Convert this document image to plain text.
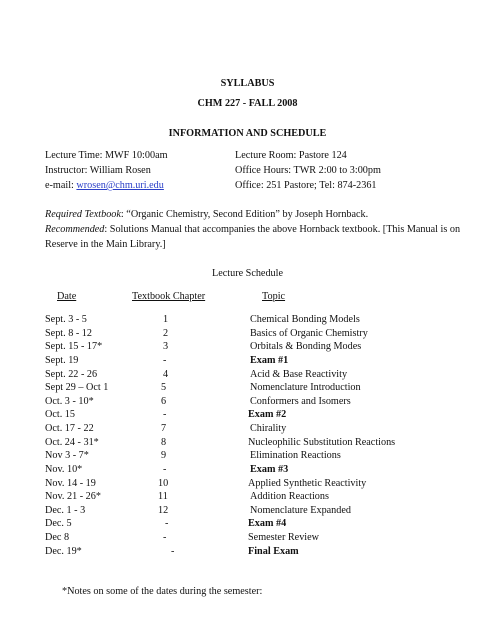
SYLLABUS
CHM 227 - FALL 2008
INFORMATION AND SCHEDULE
Lecture Time: MWF 10:00am	Lecture Room: Pastore 124
Instructor: William Rosen	Office Hours: TWR 2:00 to 3:00pm
e-mail: wrosen@chm.uri.edu	Office: 251 Pastore; Tel: 874-2361
Required Textbook: “Organic Chemistry, Second Edition” by Joseph Hornback.
Recommended: Solutions Manual that accompanies the above Hornback textbook. [This Manual is on
Reserve in the Main Library.]
Lecture Schedule
Date	Textbook Chapter	Topic
Sept. 3 - 5	1	Chemical Bonding Models
Sept. 8 - 12	2	Basics of Organic Chemistry
Sept. 15 - 17*	3	Orbitals & Bonding Modes
Sept. 19	-	Exam #1
Sept. 22 - 26	4	Acid & Base Reactivity
Sept 29 – Oct 1	5	Nomenclature Introduction
Oct. 3 - 10*	6	Conformers and Isomers
Oct. 15	-	Exam #2
Oct. 17 - 22	7	Chirality
Oct. 24 - 31*	8	Nucleophilic Substitution Reactions
Nov 3 - 7*	9	Elimination Reactions
Nov. 10*	-	Exam #3
Nov. 14 - 19	10	Applied Synthetic Reactivity
Nov. 21 - 26*	11	Addition Reactions
Dec. 1 - 3	12	Nomenclature Expanded
Dec. 5	-	Exam #4
Dec 8	-	Semester Review
Dec. 19*	-	Final Exam
*Notes on some of the dates during the semester:
